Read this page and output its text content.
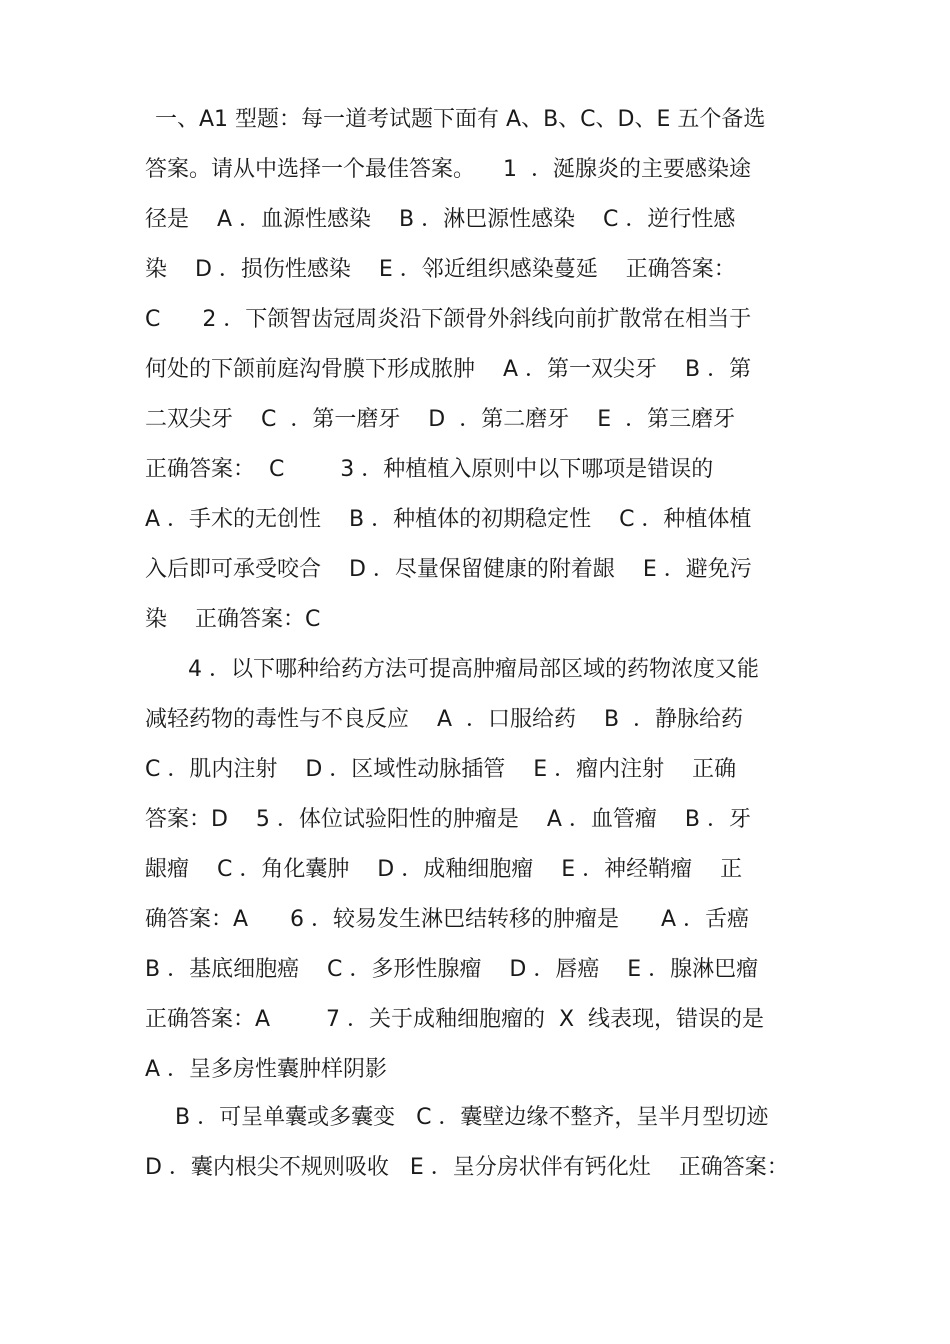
一、A1 型题：每一道考试题下面有 A、B、C、D、E 五个备选

答案。请从中选择一个最佳答案。    1  ．涎腺炎的主要感染途

径是    A ．血源性感染    B ．淋巴源性感染    C ．逆行性感

染    D ．损伤性感染    E ．邻近组织感染蔓延    正确答案：

C      2 ．下颌智齿冠周炎沿下颌骨外斜线向前扩散常在相当于

何处的下颌前庭沟骨膜下形成脓肿    A ．第一双尖牙    B ．第

二双尖牙    C  ．第一磨牙    D  ．第二磨牙    E  ．第三磨牙

正确答案：  C        3 ．种植植入原则中以下哪项是错误的

A ．手术的无创性    B ．种植体的初期稳定性    C ．种植体植

入后即可承受咬合    D ．尽量保留健康的附着龈    E ．避免污

染    正确答案：C

4 ．以下哪种给药方法可提高肿瘤局部区域的药物浓度又能

减轻药物的毒性与不良反应    A  ．口服给药    B  ．静脉给药

C ．肌内注射    D ．区域性动脉插管    E ．瘤内注射    正确

答案：D    5 ．体位试验阳性的肿瘤是    A ．血管瘤    B ．牙

龈瘤    C ．角化囊肿    D ．成釉细胞瘤    E ．神经鞘瘤    正

确答案：A      6 ．较易发生淋巴结转移的肿瘤是      A ．舌癌

B ．基底细胞癌    C ．多形性腺瘤    D ．唇癌    E ．腺淋巴瘤

正确答案：A        7 ．关于成釉细胞瘤的  X  线表现，错误的是

A ．呈多房性囊肿样阴影

B ．可呈单囊或多囊变   C ．囊壁边缘不整齐，呈半月型切迹

D ．囊内根尖不规则吸收   E ．呈分房状伴有钙化灶    正确答案：
